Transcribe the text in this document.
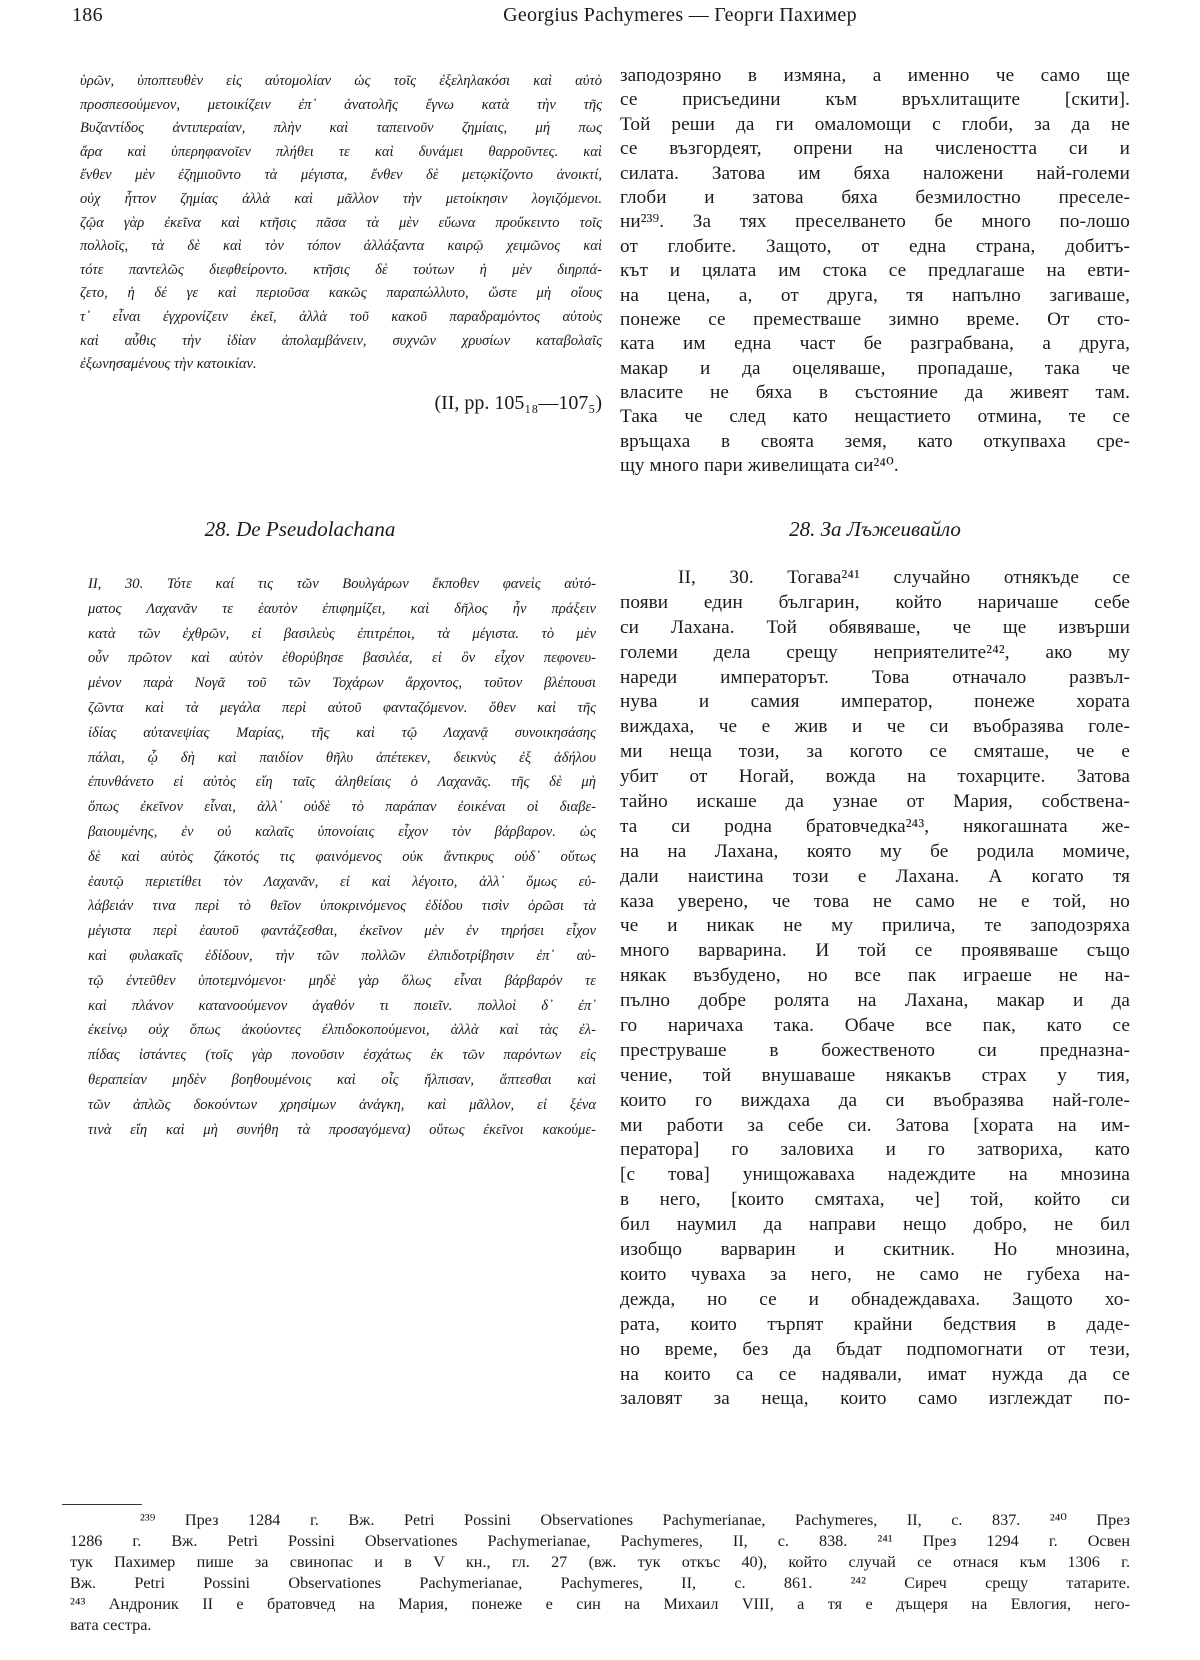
186	Georgius Pachymeres — Георги Пахимер
ὑρῶν, ὑποπτευθὲν εἰς αὐτομολίαν ὡς τοῖς ἐξεληλακόσι καὶ αὐτὸ
προσπεσούμενον, μετοικίζειν ἐπ᾽ ἀνατολῆς ἔγνω κατὰ τὴν τῆς
Βυζαντίδος ἀντιπεραίαν, πλὴν καὶ ταπεινοῦν ζημίαις, μή πως
ἄρα καὶ ὑπερηφανοῖεν πλήθει τε καὶ δυνάμει θαρροῦντες. καὶ
ἔνθεν μὲν ἐζημιοῦντο τὰ μέγιστα, ἔνθεν δὲ μετῳκίζοντο ἀνοικτί,
οὐχ ἧττον ζημίας ἀλλὰ καὶ μᾶλλον τὴν μετοίκησιν λογιζόμενοι.
ζῷα γὰρ ἐκεῖνα καὶ κτῆσις πᾶσα τὰ μὲν εὔωνα προὔκειντο τοῖς
πολλοῖς, τὰ δὲ καὶ τὸν τόπον ἀλλάξαντα καιρῷ χειμῶνος καὶ
τότε παντελῶς διεφθείροντο. κτῆσις δὲ τούτων ἡ μὲν διηρπά-
ζετο, ἡ δέ γε καὶ περιοῦσα κακῶς παραπώλλυτο, ὥστε μὴ οἵους
τ᾽ εἶναι ἐγχρονίζειν ἐκεῖ, ἀλλὰ τοῦ κακοῦ παραδραμόντος αὐτοὺς
καὶ αὖθις τὴν ἰδίαν ἀπολαμβάνειν, συχνῶν χρυσίων καταβολαῖς
ἐξωνησαμένους τὴν κατοικίαν.
(II, pp. 105₁₈—107₅)
заподозряно в измяна, а именно че само ще
се присъедини към връхлитащите [скити].
Той реши да ги омаломощи с глоби, за да не
се възгордеят, опрени на числеността си и
силата. Затова им бяха наложени най-големи
глоби и затова бяха безмилостно преселе-
ни²³⁹. За тях преселването бе много по-лошо
от глобите. Защото, от една страна, добитъ-
кът и цялата им стока се предлагаше на евти-
на цена, а, от друга, тя напълно загиваше,
понеже се преместваше зимно време. От сто-
ката им една част бе разграбвана, а друга,
макар и да оцеляваше, пропадаше, така че
власите не бяха в състояние да живеят там.
Така че след като нещастието отмина, те се
връщаха в своята земя, като откупваха сре-
щу много пари живелищата си²⁴⁰.
28. De Pseudolachana	28. За Лъжеивайло
II, 30. Τότε καί τις τῶν Βουλγάρων ἔκποθεν φανεὶς αὐτό-
ματος Λαχανᾶν τε ἑαυτὸν ἐπιφημίζει, καὶ δῆλος ἦν πράξειν
κατὰ τῶν ἐχθρῶν, εἰ βασιλεὺς ἐπιτρέποι, τὰ μέγιστα. τὸ μὲν
οὖν πρῶτον καὶ αὐτὸν ἐθορύβησε βασιλέα, εἰ ὃν εἶχον πεφονευ-
μένον παρὰ Νογᾶ τοῦ τῶν Τοχάρων ἄρχοντος, τοῦτον βλέπουσι
ζῶντα καὶ τὰ μεγάλα περὶ αὐτοῦ φανταζόμενον. ὅθεν καὶ τῆς
ἰδίας αὐτανεψίας Μαρίας, τῆς καὶ τῷ Λαχανᾷ συνοικησάσης
πάλαι, ᾧ δὴ καὶ παιδίον θῆλυ ἀπέτεκεν, δεικνὺς ἐξ ἀδήλου
ἐπυνθάνετο εἰ αὐτὸς εἴη ταῖς ἀληθείαις ὁ Λαχανᾶς. τῆς δὲ μὴ
ὅπως ἐκεῖνον εἶναι, ἀλλ᾽ οὐδὲ τὸ παράπαν ἐοικέναι οἱ διαβε-
βαιουμένης, ἐν οὐ καλαῖς ὑπονοίαις εἶχον τὸν βάρβαρον. ὡς
δὲ καὶ αὐτὸς ζάκοτός τις φαινόμενος οὐκ ἄντικρυς οὐδ᾽ οὕτως
ἑαυτῷ περιετίθει τὸν Λαχανᾶν, εἰ καὶ λέγοιτο, ἀλλ᾽ ὅμως εὐ-
λάβειάν τινα περὶ τὸ θεῖον ὑποκρινόμενος ἐδίδου τισὶν ὁρῶσι τὰ
μέγιστα περὶ ἑαυτοῦ φαντάζεσθαι, ἐκεῖνον μὲν ἐν τηρήσει εἶχον
καὶ φυλακαῖς ἐδίδουν, τὴν τῶν πολλῶν ἐλπιδοτρίβησιν ἐπ᾽ αὐ-
τῷ ἐντεῦθεν ὑποτεμνόμενοι· μηδὲ γὰρ ὅλως εἶναι βάρβαρόν τε
καὶ πλάνον κατανοούμενον ἀγαθόν τι ποιεῖν. πολλοὶ δ᾽ ἐπ᾽
ἐκείνῳ οὐχ ὅπως ἀκούοντες ἐλπιδοκοπούμενοι, ἀλλὰ καὶ τὰς ἐλ-
πίδας ἱστάντες (τοῖς γὰρ πονοῦσιν ἐσχάτως ἐκ τῶν παρόντων εἰς
θεραπείαν μηδὲν βοηθουμένοις καὶ οἷς ἤλπισαν, ἅπτεσθαι καὶ
τῶν ἁπλῶς δοκούντων χρησίμων ἀνάγκη, καὶ μᾶλλον, εἰ ξένα
τινὰ εἴη καὶ μὴ συνήθη τὰ προσαγόμενα) οὕτως ἐκεῖνοι κακούμε-
II, 30. Тогава²⁴¹ случайно отнякъде се
появи един българин, който наричаше себе
си Лахана. Той обявяваше, че ще извърши
големи дела срещу неприятелите²⁴², ако му
нареди императорът. Това отначало развъл-
нува и самия император, понеже хората
виждаха, че е жив и че си въобразява голе-
ми неща този, за когото се смяташе, че е
убит от Ногай, вожда на тохарците. Затова
тайно искаше да узнае от Мария, собствена-
та си родна братовчедка²⁴³, някогашната же-
на на Лахана, която му бе родила момиче,
дали наистина този е Лахана. А когато тя
каза уверено, че това не само не е той, но
че и никак не му прилича, те заподозряха
много варварина. И той се проявяваше също
някак възбудено, но все пак играеше не на-
пълно добре ролята на Лахана, макар и да
го наричаха така. Обаче все пак, като се
преструваше в божественото си предназна-
чение, той внушаваше някакъв страх у тия,
които го виждаха да си въобразява най-голе-
ми работи за себе си. Затова [хората на им-
ператора] го заловиха и го затвориха, като
[с това] унищожаваха надеждите на мнозина
в него, [които смятаха, че] той, който си
бил наумил да направи нещо добро, не бил
изобщо варварин и скитник. Но мнозина,
които чуваха за него, не само не губеха на-
дежда, но се и обнадеждаваха. Защото хо-
рата, които търпят крайни бедствия в даде-
но време, без да бъдат подпомогнати от тези,
на които са се надявали, имат нужда да се
заловят за неща, които само изглеждат по-
²³⁹ През 1284 г. Вж. Petri Possini Observationes Pachymerianae, Pachymeres, II, с. 837. ²⁴⁰ През
1286 г. Вж. Petri Possini Observationes Pachymerianae, Pachymeres, II, с. 838. ²⁴¹ През 1294 г. Освен
тук Пахимер пише за свинопас и в V кн., гл. 27 (вж. тук откъс 40), който случай се отнася към 1306 г.
Вж. Petri Possini Observationes Pachymerianae, Pachymeres, II, с. 861. ²⁴² Сиреч срещу татарите.
²⁴³ Андроник II е братовчед на Мария, понеже е син на Михаил VIII, а тя е дъщеря на Евлогия, него-
вата сестра.
